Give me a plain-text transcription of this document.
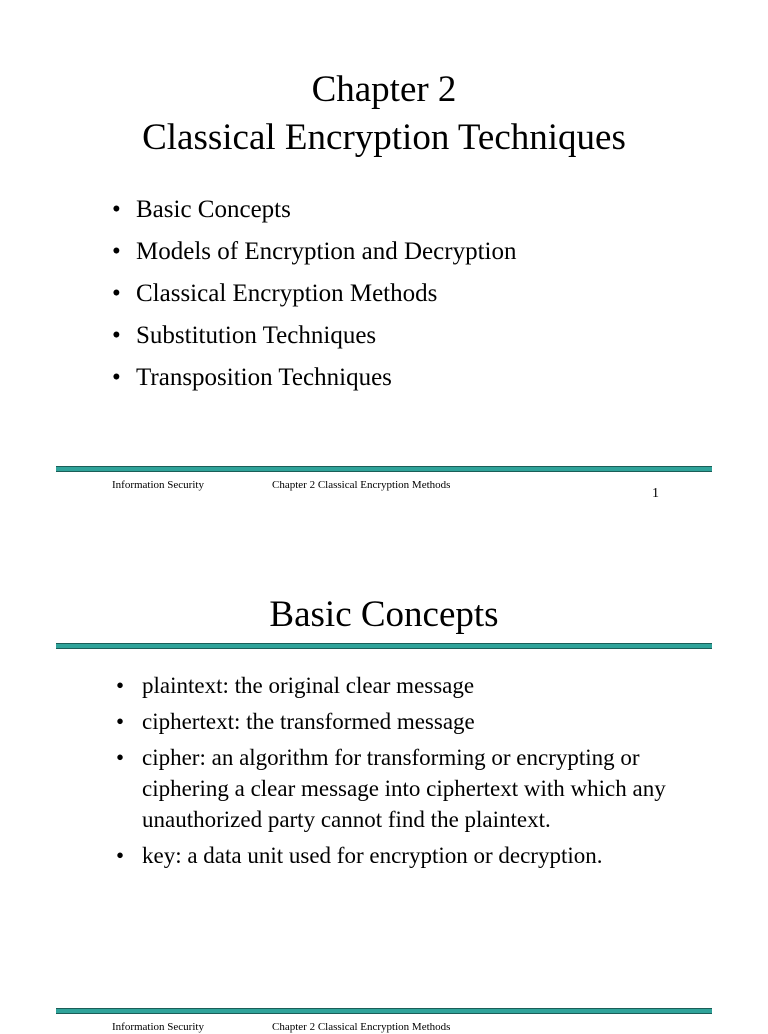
Chapter 2
Classical Encryption Techniques
• Basic Concepts
• Models of Encryption and Decryption
• Classical Encryption Methods
• Substitution Techniques
• Transposition Techniques
Information Security	Chapter 2 Classical Encryption Methods
1
Basic Concepts
• plaintext: the original clear message
• ciphertext: the transformed message
• cipher: an algorithm for transforming or encrypting or ciphering a clear message into ciphertext with which any unauthorized party cannot find the plaintext.
• key: a data unit used for encryption or decryption.
Information Security	Chapter 2 Classical Encryption Methods
